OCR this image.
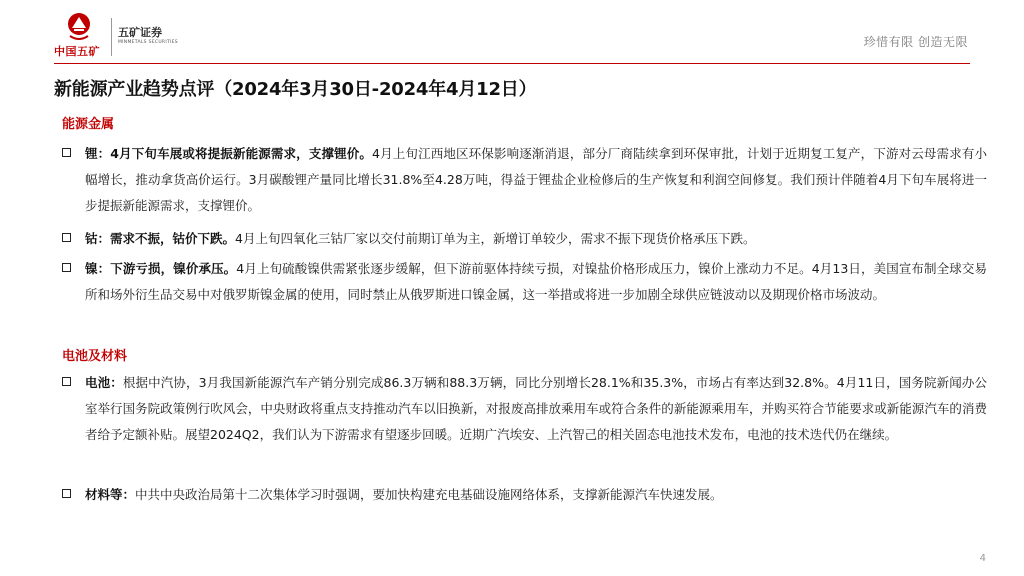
中国五矿
五矿证券
MINMETALS SECURITIES	珍惜有限 创造无限
新能源产业趋势点评（2024年3月30日-2024年4月12日）
能源金属
锂：4月下旬车展或将提振新能源需求，支撑锂价。4月上旬江西地区环保影响逐渐消退，部分厂商陆续拿到环保审批，计划于近期复工复产，下游对云母需求有小幅增长，推动拿货高价运行。3月碳酸锂产量同比增长31.8%至4.28万吨，得益于锂盐企业检修后的生产恢复和利润空间修复。我们预计伴随着4月下旬车展将进一步提振新能源需求，支撑锂价。
钴：需求不振，钴价下跌。4月上旬四氧化三钴厂家以交付前期订单为主，新增订单较少，需求不振下现货价格承压下跌。
镍：下游亏损，镍价承压。4月上旬硫酸镍供需紧张逐步缓解，但下游前驱体持续亏损，对镍盐价格形成压力，镍价上涨动力不足。4月13日，美国宣布制全球交易所和场外衍生品交易中对俄罗斯镍金属的使用，同时禁止从俄罗斯进口镍金属，这一举措或将进一步加剧全球供应链波动以及期现价格市场波动。
电池及材料
电池：根据中汽协，3月我国新能源汽车产销分别完成86.3万辆和88.3万辆，同比分别增长28.1%和35.3%，市场占有率达到32.8%。4月11日，国务院新闻办公室举行国务院政策例行吹风会，中央财政将重点支持推动汽车以旧换新，对报废高排放乘用车或符合条件的新能源乘用车，并购买符合节能要求或新能源汽车的消费者给予定额补贴。展望2024Q2，我们认为下游需求有望逐步回暖。近期广汽埃安、上汽智己的相关固态电池技术发布，电池的技术迭代仍在继续。
材料等：中共中央政治局第十二次集体学习时强调，要加快构建充电基础设施网络体系，支撑新能源汽车快速发展。
4
